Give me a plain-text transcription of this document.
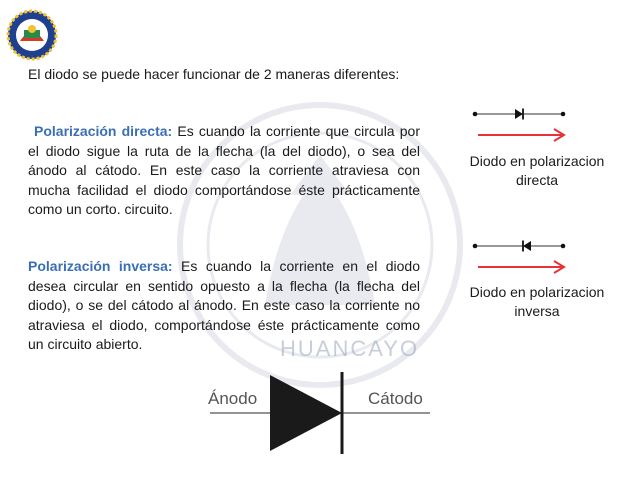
HUANCAYO
El diodo se puede hacer funcionar de 2 maneras diferentes:
Polarización directa: Es cuando la corriente que circula por el diodo sigue la ruta de la flecha (la del diodo), o sea del ánodo al cátodo. En este caso la corriente atraviesa con mucha facilidad el diodo comportándose éste prácticamente como un corto. circuito.
Polarización inversa: Es cuando la corriente en el diodo desea circular en sentido opuesto a la flecha (la flecha del diodo), o se del cátodo al ánodo. En este caso la corriente no atraviesa el diodo, comportándose éste prácticamente como un circuito abierto.
Diodo en polarizacion directa
Diodo en polarizacion inversa
Ánodo	Cátodo
